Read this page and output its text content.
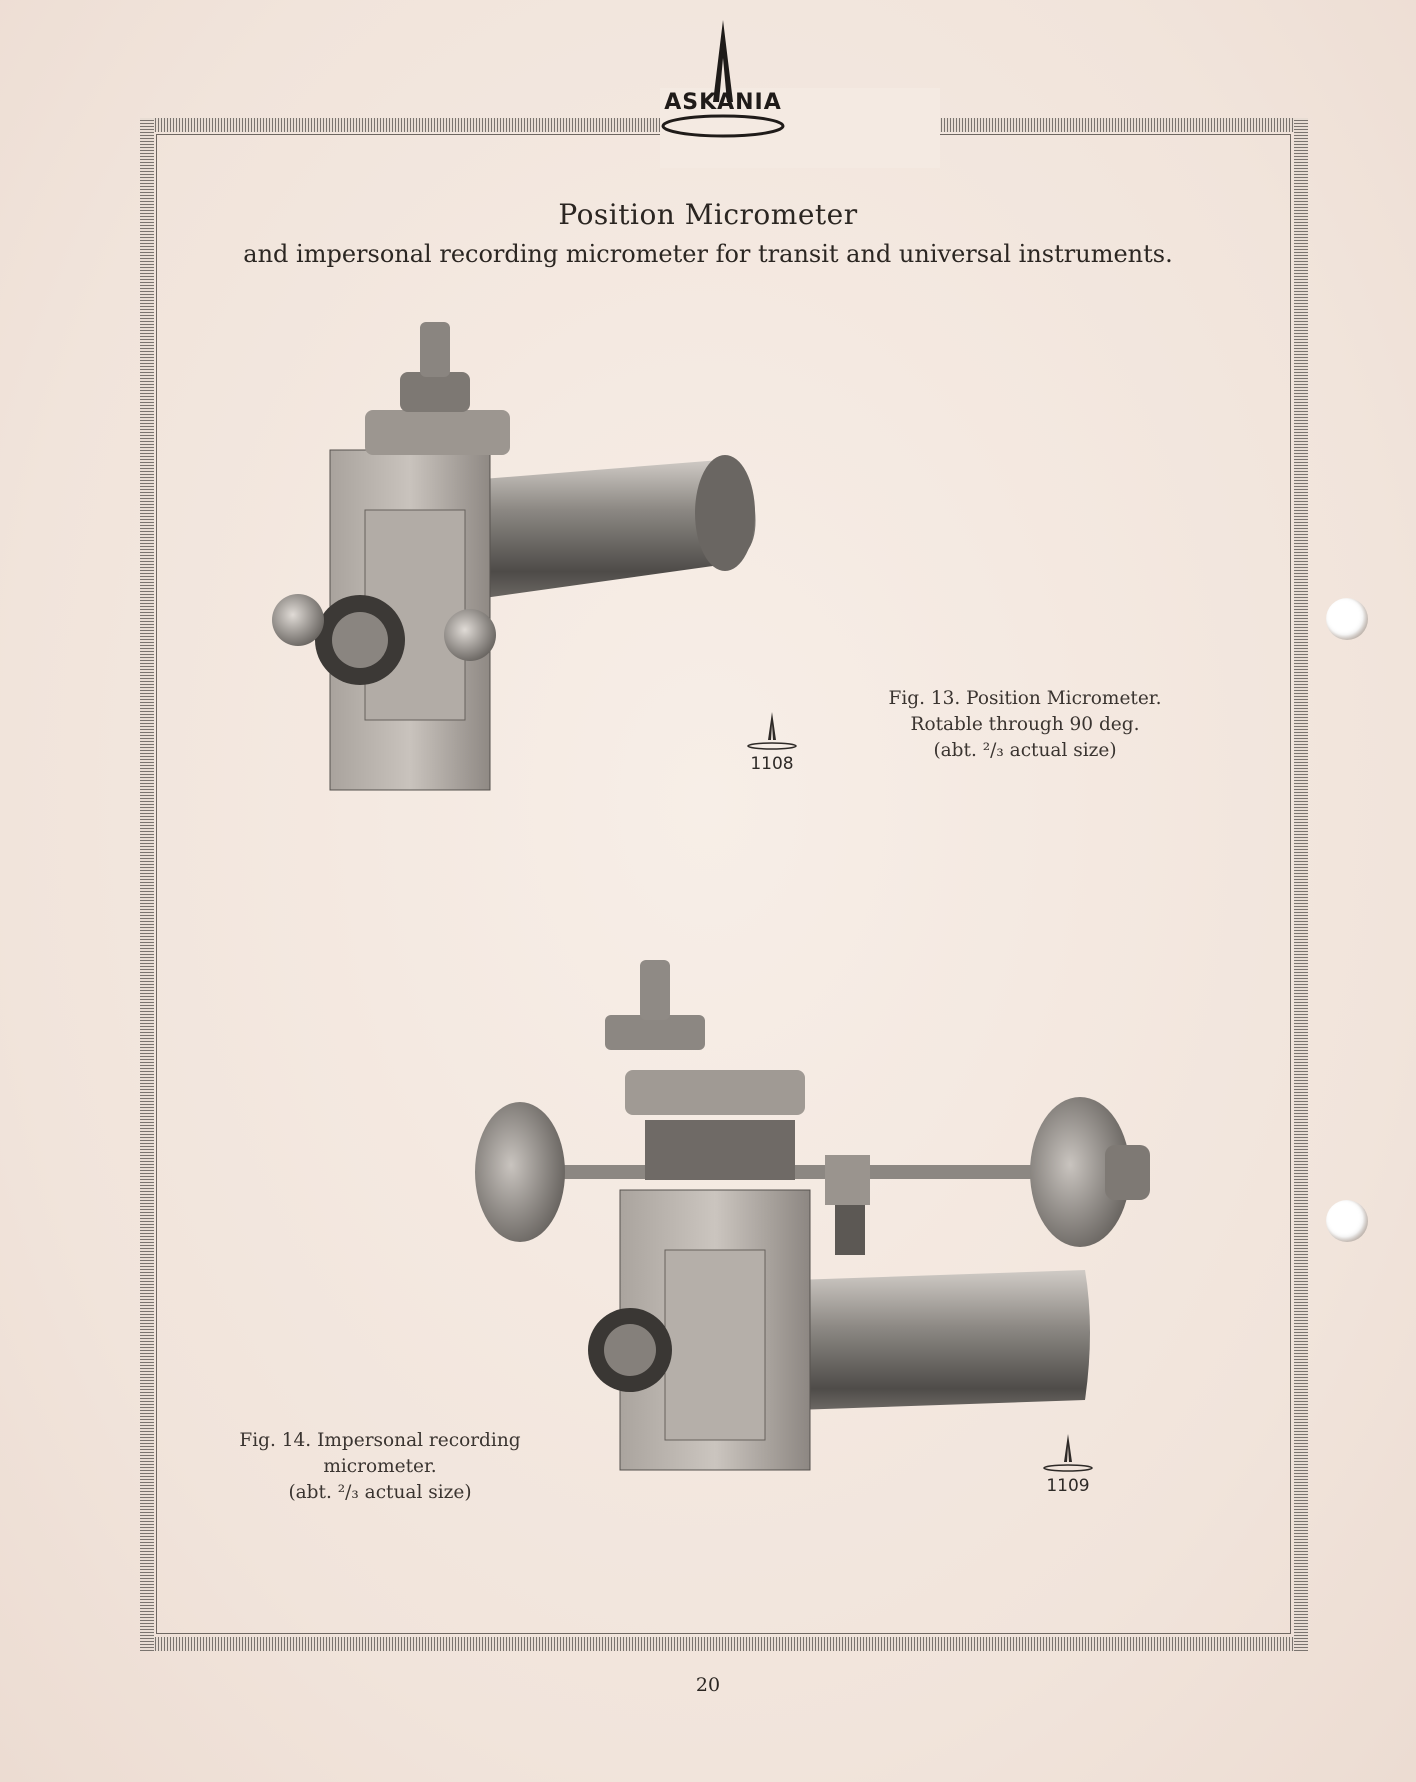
ASKANIA
Position Micrometer
and impersonal recording micrometer for transit and universal instruments.
Fig. 13. Position Micrometer.
Rotable through 90 deg.
(abt. ²/₃ actual size)
1108
Fig. 14. Impersonal recording
micrometer.
(abt. ²/₃ actual size)	1109
20
